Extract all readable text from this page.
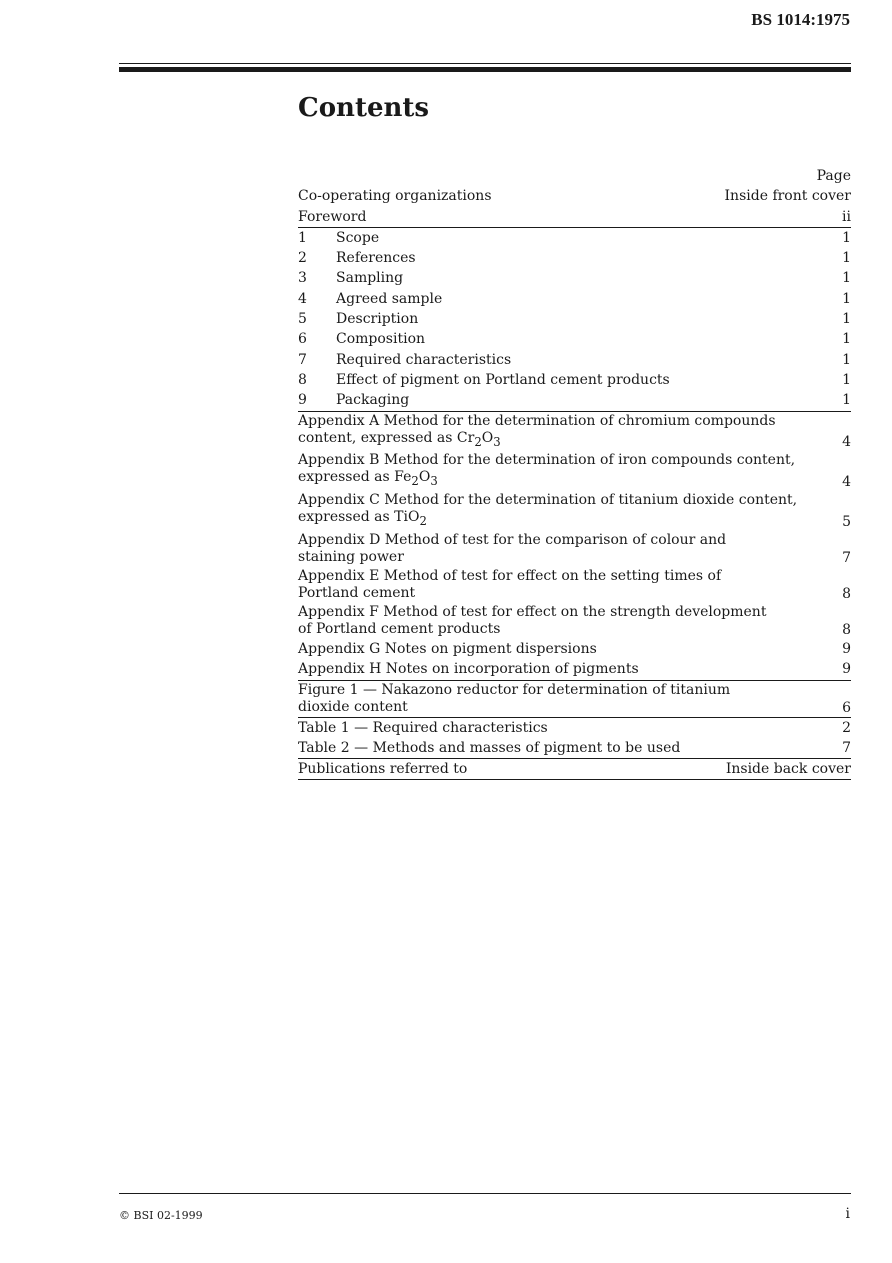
BS 1014:1975
Contents
Page
Co-operating organizations	Inside front cover
Foreword	ii
1	Scope	1
2	References	1
3	Sampling	1
4	Agreed sample	1
5	Description	1
6	Composition	1
7	Required characteristics	1
8	Effect of pigment on Portland cement products	1
9	Packaging	1
Appendix A Method for the determination of chromium compounds
content, expressed as $Cr_2O_3$	4
Appendix B Method for the determination of iron compounds content,
expressed as $Fe_2O_3$	4
Appendix C Method for the determination of titanium dioxide content,
expressed as TiO$_2$	5
Appendix D Method of test for the comparison of colour and
staining power	7
Appendix E Method of test for effect on the setting times of
Portland cement	8
Appendix F Method of test for effect on the strength development
of Portland cement products	8
Appendix G Notes on pigment dispersions	9
Appendix H Notes on incorporation of pigments	9
Figure 1 — Nakazono reductor for determination of titanium
dioxide content	6
Table 1 — Required characteristics	2
Table 2 — Methods and masses of pigment to be used	7
Publications referred to	Inside back cover
© BSI 02-1999	i
